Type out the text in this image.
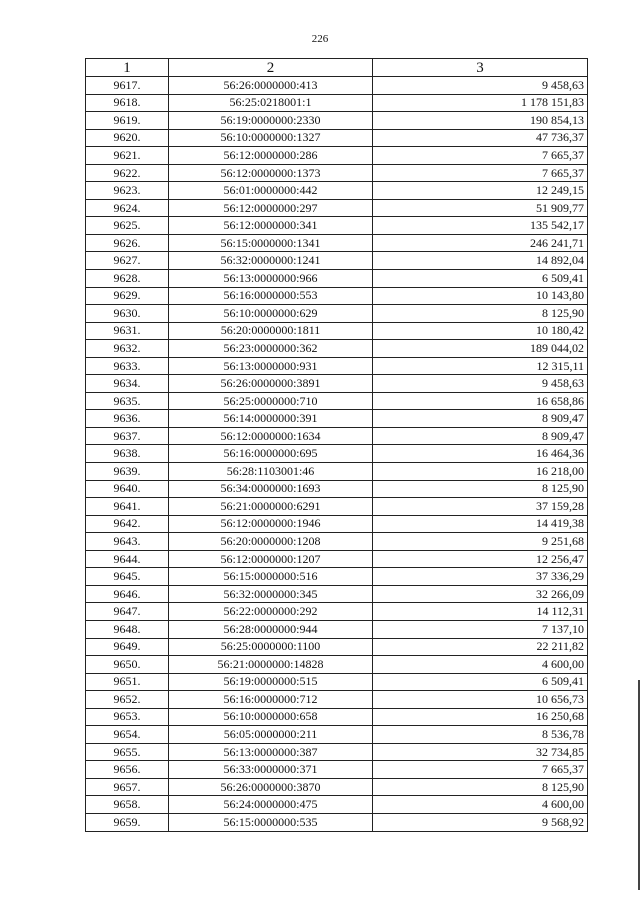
226
1	2	3
9617.	56:26:0000000:413	9 458,63
9618.	56:25:0218001:1	1 178 151,83
9619.	56:19:0000000:2330	190 854,13
9620.	56:10:0000000:1327	47 736,37
9621.	56:12:0000000:286	7 665,37
9622.	56:12:0000000:1373	7 665,37
9623.	56:01:0000000:442	12 249,15
9624.	56:12:0000000:297	51 909,77
9625.	56:12:0000000:341	135 542,17
9626.	56:15:0000000:1341	246 241,71
9627.	56:32:0000000:1241	14 892,04
9628.	56:13:0000000:966	6 509,41
9629.	56:16:0000000:553	10 143,80
9630.	56:10:0000000:629	8 125,90
9631.	56:20:0000000:1811	10 180,42
9632.	56:23:0000000:362	189 044,02
9633.	56:13:0000000:931	12 315,11
9634.	56:26:0000000:3891	9 458,63
9635.	56:25:0000000:710	16 658,86
9636.	56:14:0000000:391	8 909,47
9637.	56:12:0000000:1634	8 909,47
9638.	56:16:0000000:695	16 464,36
9639.	56:28:1103001:46	16 218,00
9640.	56:34:0000000:1693	8 125,90
9641.	56:21:0000000:6291	37 159,28
9642.	56:12:0000000:1946	14 419,38
9643.	56:20:0000000:1208	9 251,68
9644.	56:12:0000000:1207	12 256,47
9645.	56:15:0000000:516	37 336,29
9646.	56:32:0000000:345	32 266,09
9647.	56:22:0000000:292	14 112,31
9648.	56:28:0000000:944	7 137,10
9649.	56:25:0000000:1100	22 211,82
9650.	56:21:0000000:14828	4 600,00
9651.	56:19:0000000:515	6 509,41
9652.	56:16:0000000:712	10 656,73
9653.	56:10:0000000:658	16 250,68
9654.	56:05:0000000:211	8 536,78
9655.	56:13:0000000:387	32 734,85
9656.	56:33:0000000:371	7 665,37
9657.	56:26:0000000:3870	8 125,90
9658.	56:24:0000000:475	4 600,00
9659.	56:15:0000000:535	9 568,92
